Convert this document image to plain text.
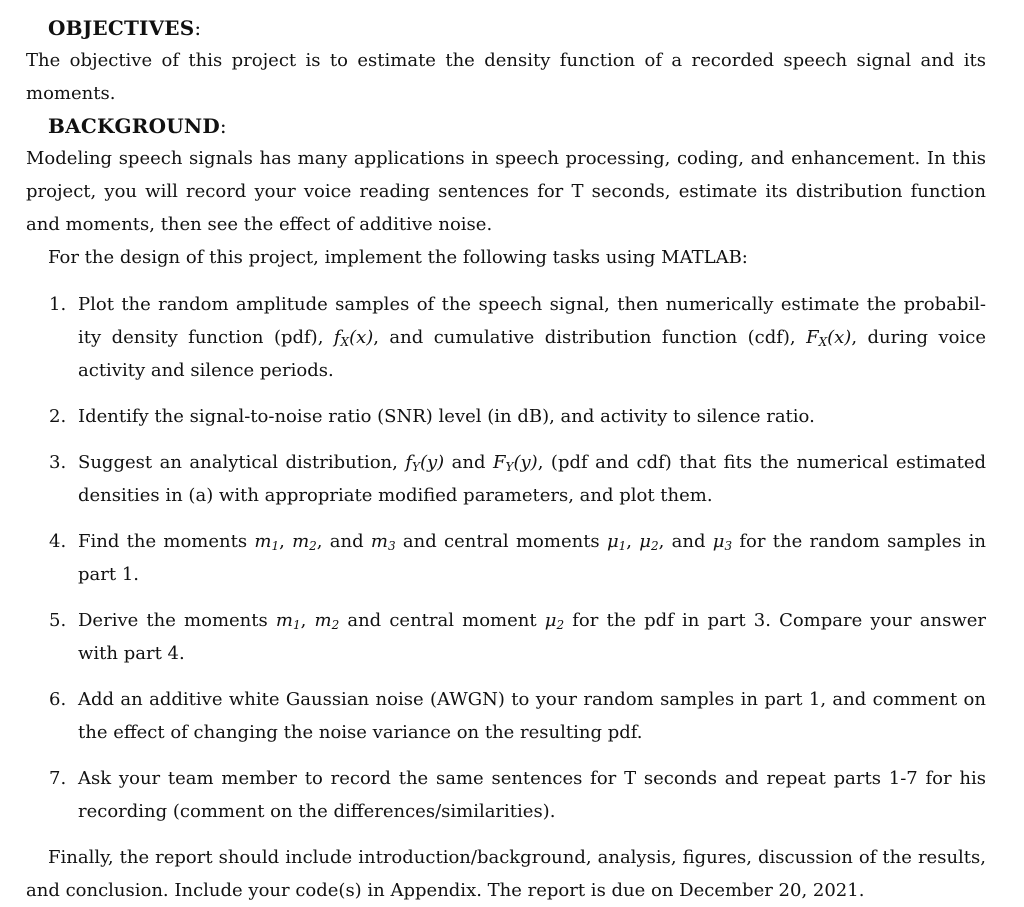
OBJECTIVES:

The objective of this project is to estimate the density function of a recorded speech signal and its moments.

BACKGROUND:

Modeling speech signals has many applications in speech processing, coding, and enhancement. In this project, you will record your voice reading sentences for T seconds, estimate its distribution function and moments, then see the effect of additive noise.

For the design of this project, implement the following tasks using MATLAB:

1. Plot the random amplitude samples of the speech signal, then numerically estimate the probabil- ity density function (pdf), $f_X(x)$, and cumulative distribution function (cdf), $F_X(x)$, during voice activity and silence periods.
2. Identify the signal-to-noise ratio (SNR) level (in dB), and activity to silence ratio.
3. Suggest an analytical distribution, $f_Y(y)$ and $F_Y(y)$, (pdf and cdf) that fits the numerical estimated densities in (a) with appropriate modified parameters, and plot them.
4. Find the moments $m_1$, $m_2$, and $m_3$ and central moments $\mu_1$, $\mu_2$, and $\mu_3$ for the random samples in part 1.
5. Derive the moments $m_1$, $m_2$ and central moment $\mu_2$ for the pdf in part 3. Compare your answer with part 4.
6. Add an additive white Gaussian noise (AWGN) to your random samples in part 1, and comment on the effect of changing the noise variance on the resulting pdf.
7. Ask your team member to record the same sentences for T seconds and repeat parts 1-7 for his recording (comment on the differences/similarities).

Finally, the report should include introduction/background, analysis, figures, discussion of the results, and conclusion. Include your code(s) in Appendix. The report is due on December 20, 2021.
